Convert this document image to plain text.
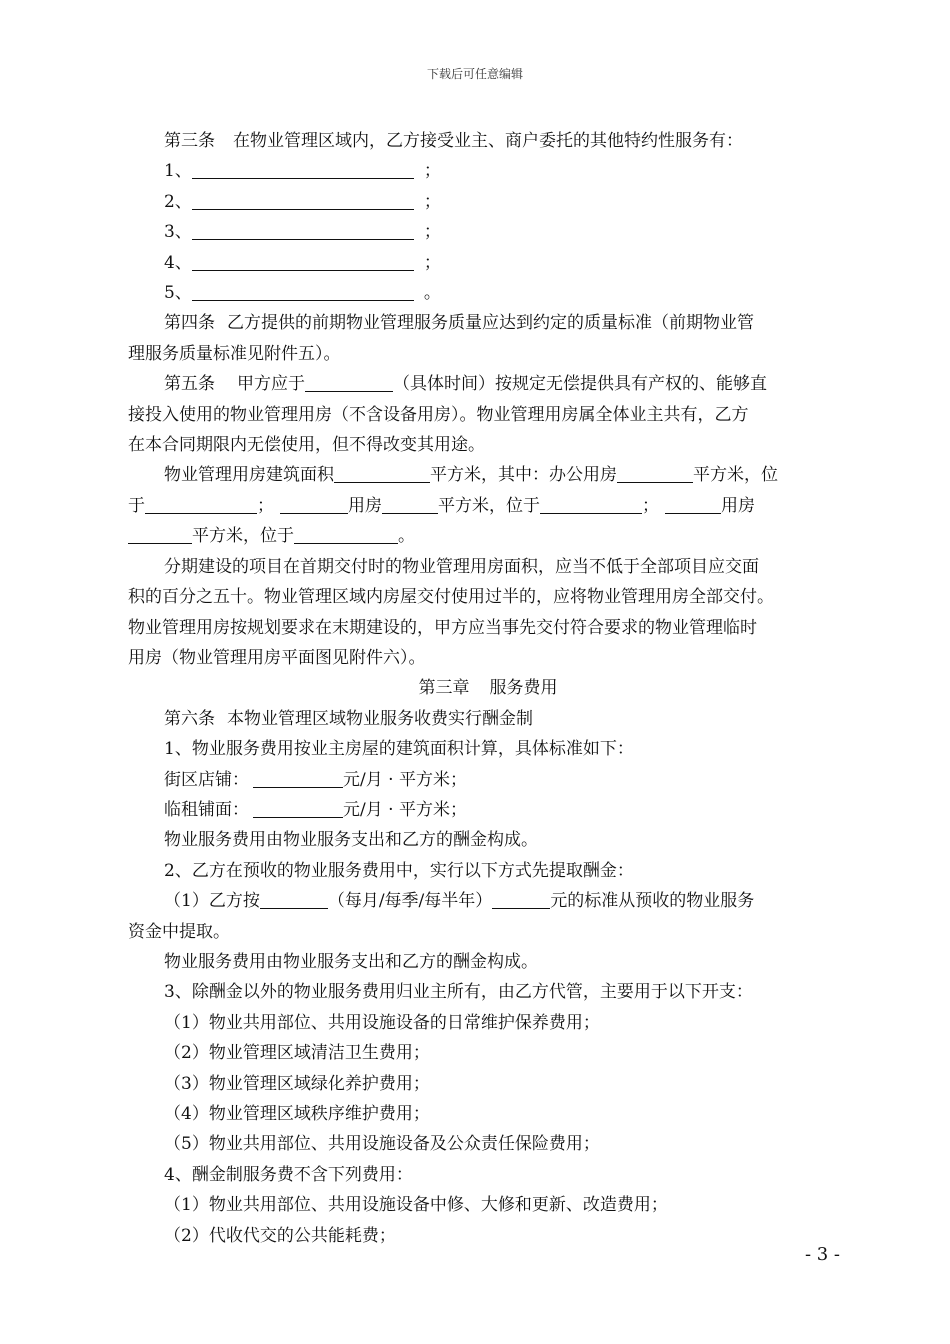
下载后可任意编辑

第三条 在物业管理区域内，乙方接受业主、商户委托的其他特约性服务有：

1、	；

2、	；

3、	；

4、	；

5、	。

第四条 乙方提供的前期物业管理服务质量应达到约定的质量标准（前期物业管

理服务质量标准见附件五）。

第五条 甲方应于	（具体时间）按规定无偿提供具有产权的、能够直

接投入使用的物业管理用房（不含设备用房）。物业管理用房属全体业主共有，乙方

在本合同期限内无偿使用，但不得改变其用途。

物业管理用房建筑面积	平方米，其中：办公用房	平方米，位

于	；	用房	平方米，位于	；	用房

平方米，位于	。

分期建设的项目在首期交付时的物业管理用房面积，应当不低于全部项目应交面

积的百分之五十。物业管理区域内房屋交付使用过半的，应将物业管理用房全部交付。

物业管理用房按规划要求在末期建设的，甲方应当事先交付符合要求的物业管理临时

用房（物业管理用房平面图见附件六）。

第三章 服务费用

第六条 本物业管理区域物业服务收费实行酬金制

1、物业服务费用按业主房屋的建筑面积计算，具体标准如下：

街区店铺：	元/月 · 平方米；

临租铺面：	元/月 · 平方米；

物业服务费用由物业服务支出和乙方的酬金构成。

2、乙方在预收的物业服务费用中，实行以下方式先提取酬金：

（1）乙方按	（每月/每季/每半年）	元的标准从预收的物业服务

资金中提取。

物业服务费用由物业服务支出和乙方的酬金构成。

3、除酬金以外的物业服务费用归业主所有，由乙方代管，主要用于以下开支：

（1）物业共用部位、共用设施设备的日常维护保养费用；

（2）物业管理区域清洁卫生费用；

（3）物业管理区域绿化养护费用；

（4）物业管理区域秩序维护费用；

（5）物业共用部位、共用设施设备及公众责任保险费用；

4、酬金制服务费不含下列费用：

（1）物业共用部位、共用设施设备中修、大修和更新、改造费用；

（2）代收代交的公共能耗费；

- 3 -
